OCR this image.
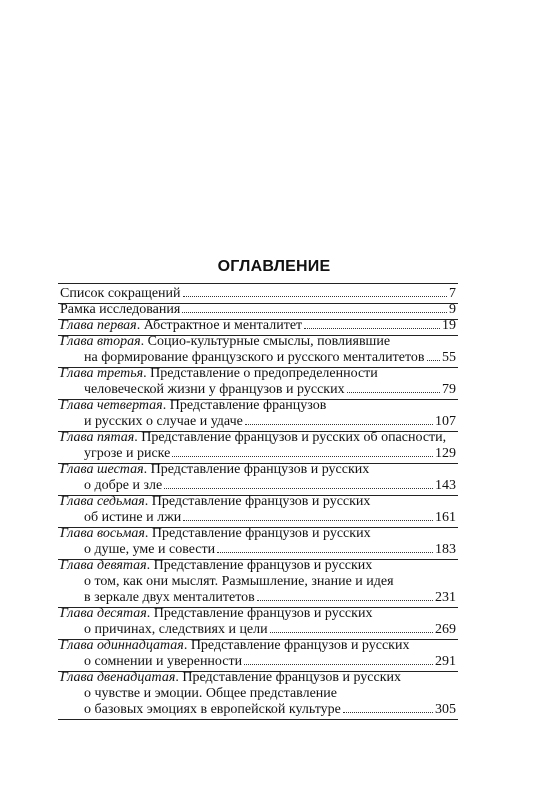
ОГЛАВЛЕНИЕ
Список сокращений	7
Рамка исследования	9
Глава первая. Абстрактное и менталитет	19
Глава вторая. Социо-культурные смыслы, повлиявшие
на формирование французского и русского менталитетов 55
Глава третья. Представление о предопределенности
человеческой жизни у французов и русских	79
Глава четвертая. Представление французов
и русских о случае и удаче	107
Глава пятая. Представление французов и русских об опасности,
угрозе и риске	129
Глава шестая. Представление французов и русских
о добре и зле	143
Глава седьмая. Представление французов и русских
об истине и лжи	161
Глава восьмая. Представление французов и русских
о душе, уме и совести	183
Глава девятая. Представление французов и русских
о том, как они мыслят. Размышление, знание и идея
в зеркале двух менталитетов	231
Глава десятая. Представление французов и русских
о причинах, следствиях и цели	269
Глава одиннадцатая. Представление французов и русских
о сомнении и уверенности	291
Глава двенадцатая. Представление французов и русских
о чувстве и эмоции. Общее представление
о базовых эмоциях в европейской культуре	305
